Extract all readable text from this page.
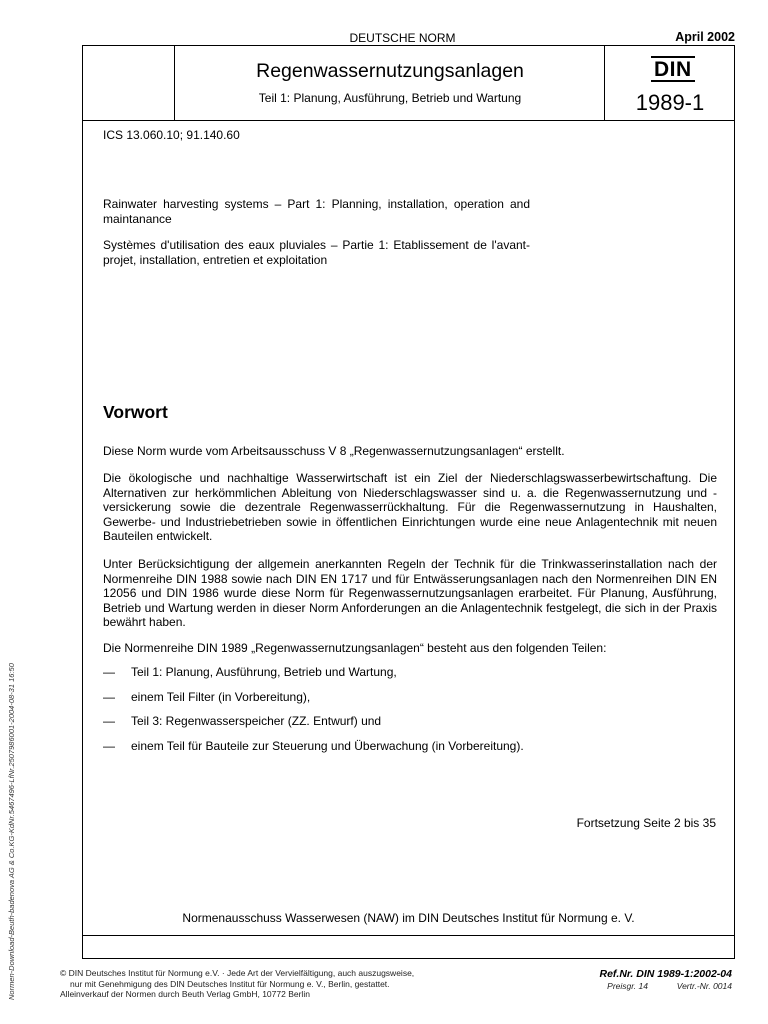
DEUTSCHE NORM	April 2002
Regenwassernutzungsanlagen
Teil 1: Planung, Ausführung, Betrieb und Wartung
DIN
1989-1
ICS 13.060.10; 91.140.60
Rainwater harvesting systems – Part 1: Planning, installation, operation and maintanance
Systèmes d'utilisation des eaux pluviales – Partie 1: Etablissement de l'avant-projet, installation, entretien et exploitation
Vorwort
Diese Norm wurde vom Arbeitsausschuss V 8 „Regenwassernutzungsanlagen“ erstellt.
Die ökologische und nachhaltige Wasserwirtschaft ist ein Ziel der Niederschlagswasserbewirtschaftung. Die Alternativen zur herkömmlichen Ableitung von Niederschlagswasser sind u. a. die Regenwassernutzung und -versickerung sowie die dezentrale Regenwasserrückhaltung. Für die Regenwassernutzung in Haushalten, Gewerbe- und Industriebetrieben sowie in öffentlichen Einrichtungen wurde eine neue Anlagentechnik mit neuen Bauteilen entwickelt.
Unter Berücksichtigung der allgemein anerkannten Regeln der Technik für die Trinkwasserinstallation nach der Normenreihe DIN 1988 sowie nach DIN EN 1717 und für Entwässerungsanlagen nach den Normenreihen DIN EN 12056 und DIN 1986 wurde diese Norm für Regenwassernutzungsanlagen erarbeitet. Für Planung, Ausführung, Betrieb und Wartung werden in dieser Norm Anforderungen an die Anlagentechnik festgelegt, die sich in der Praxis bewährt haben.
Die Normenreihe DIN 1989 „Regenwassernutzungsanlagen“ besteht aus den folgenden Teilen:
—	Teil 1: Planung, Ausführung, Betrieb und Wartung,
—	einem Teil Filter (in Vorbereitung),
—	Teil 3: Regenwasserspeicher (ZZ. Entwurf) und
—	einem Teil für Bauteile zur Steuerung und Überwachung (in Vorbereitung).
Fortsetzung Seite 2 bis 35
Normenausschuss Wasserwesen (NAW) im DIN Deutsches Institut für Normung e. V.
© DIN Deutsches Institut für Normung e.V. · Jede Art der Vervielfältigung, auch auszugsweise,
nur mit Genehmigung des DIN Deutsches Institut für Normung e. V., Berlin, gestattet.
Alleinverkauf der Normen durch Beuth Verlag GmbH, 10772 Berlin
Ref.Nr. DIN 1989-1:2002-04
Preisgr. 14	Vertr.-Nr. 0014
Normen-Download-Beuth-badenova AG & Co.KG-KdNr.5467496-LfNr.2507986001-2004-08-31 16:50
